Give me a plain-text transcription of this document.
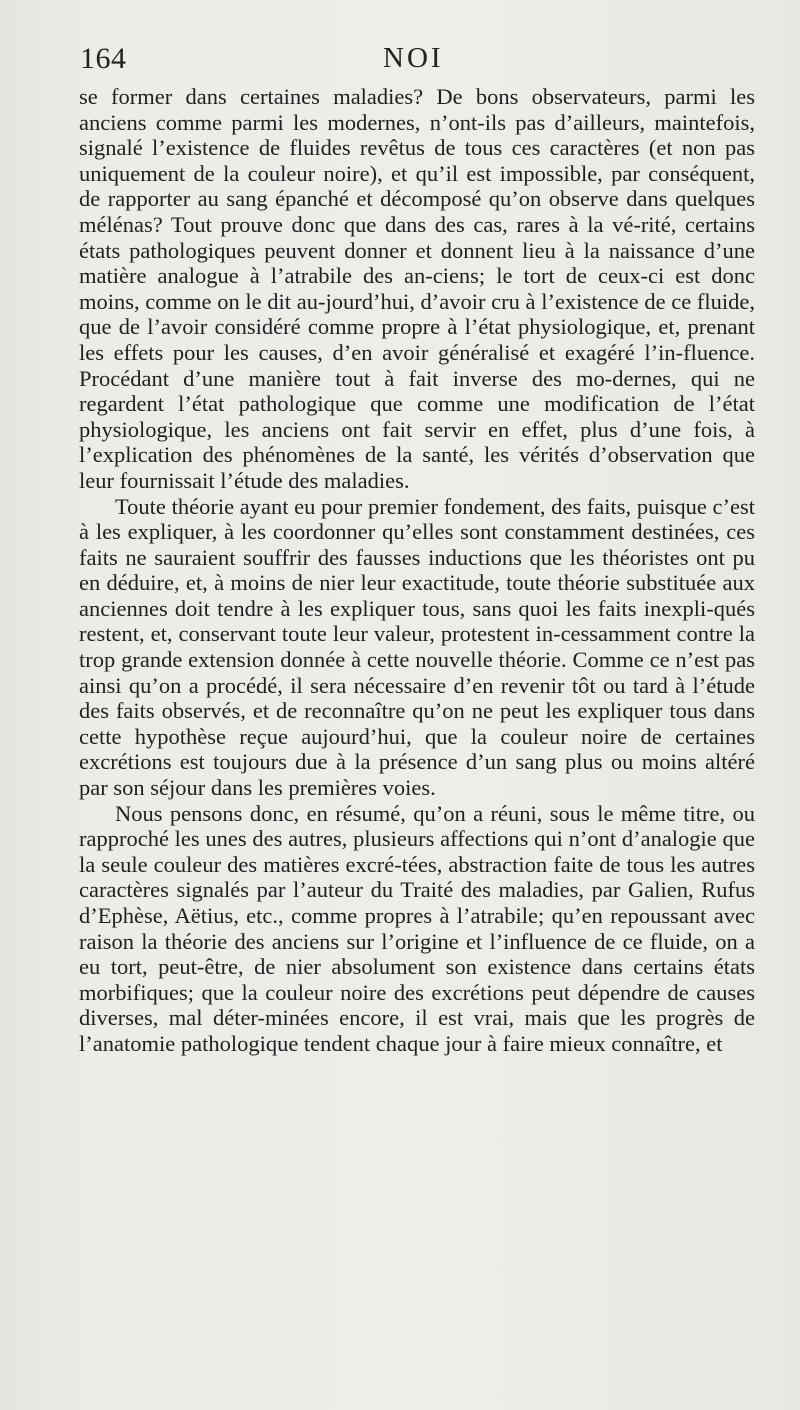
164	NOI

se former dans certaines maladies? De bons observateurs, parmi les anciens comme parmi les modernes, n’ont-ils pas d’ailleurs, maintefois, signalé l’existence de fluides revêtus de tous ces caractères (et non pas uniquement de la couleur noire), et qu’il est impossible, par conséquent, de rapporter au sang épanché et décomposé qu’on observe dans quelques mélénas? Tout prouve donc que dans des cas, rares à la vé-rité, certains états pathologiques peuvent donner et donnent lieu à la naissance d’une matière analogue à l’atrabile des an-ciens; le tort de ceux-ci est donc moins, comme on le dit au-jourd’hui, d’avoir cru à l’existence de ce fluide, que de l’avoir considéré comme propre à l’état physiologique, et, prenant les effets pour les causes, d’en avoir généralisé et exagéré l’in-fluence. Procédant d’une manière tout à fait inverse des mo-dernes, qui ne regardent l’état pathologique que comme une modification de l’état physiologique, les anciens ont fait servir en effet, plus d’une fois, à l’explication des phénomènes de la santé, les vérités d’observation que leur fournissait l’étude des maladies.

Toute théorie ayant eu pour premier fondement, des faits, puisque c’est à les expliquer, à les coordonner qu’elles sont constamment destinées, ces faits ne sauraient souffrir des fausses inductions que les théoristes ont pu en déduire, et, à moins de nier leur exactitude, toute théorie substituée aux anciennes doit tendre à les expliquer tous, sans quoi les faits inexpli-qués restent, et, conservant toute leur valeur, protestent in-cessamment contre la trop grande extension donnée à cette nouvelle théorie. Comme ce n’est pas ainsi qu’on a procédé, il sera nécessaire d’en revenir tôt ou tard à l’étude des faits observés, et de reconnaître qu’on ne peut les expliquer tous dans cette hypothèse reçue aujourd’hui, que la couleur noire de certaines excrétions est toujours due à la présence d’un sang plus ou moins altéré par son séjour dans les premières voies.

Nous pensons donc, en résumé, qu’on a réuni, sous le même titre, ou rapproché les unes des autres, plusieurs affections qui n’ont d’analogie que la seule couleur des matières excré-tées, abstraction faite de tous les autres caractères signalés par l’auteur du Traité des maladies, par Galien, Rufus d’Ephèse, Aëtius, etc., comme propres à l’atrabile; qu’en repoussant avec raison la théorie des anciens sur l’origine et l’influence de ce fluide, on a eu tort, peut-être, de nier absolument son existence dans certains états morbifiques; que la couleur noire des excrétions peut dépendre de causes diverses, mal déter-minées encore, il est vrai, mais que les progrès de l’anatomie pathologique tendent chaque jour à faire mieux connaître, et
